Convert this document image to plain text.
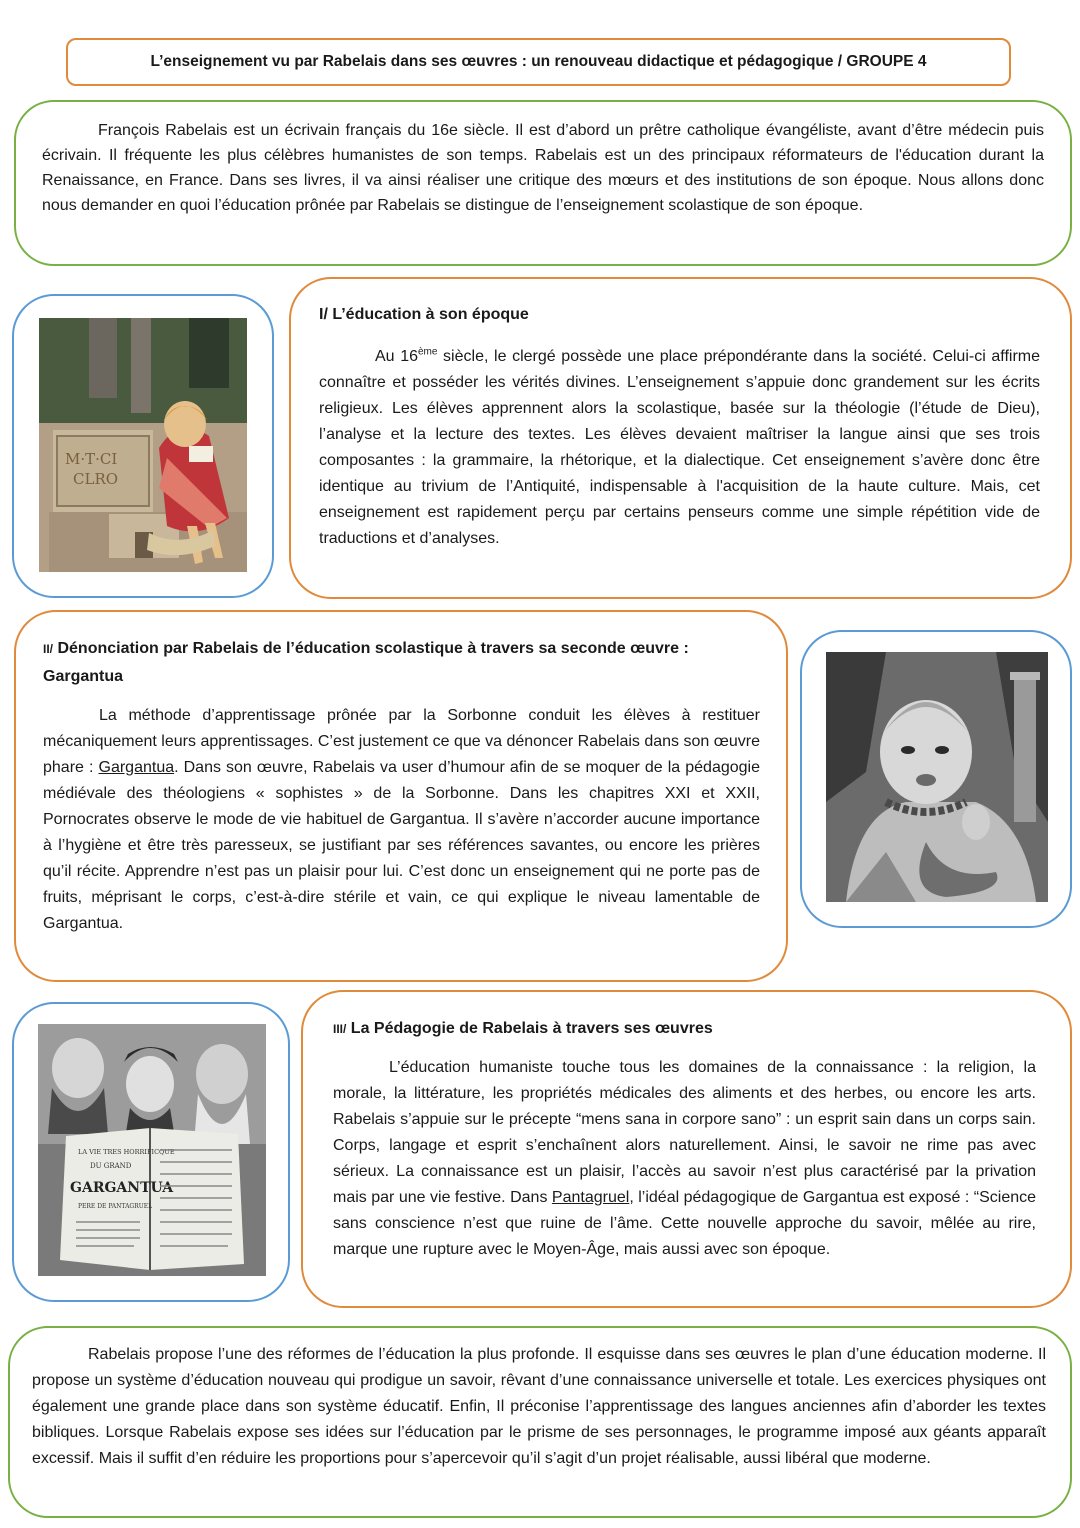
L’enseignement vu par Rabelais dans ses œuvres : un renouveau didactique et pédagogique / GROUPE 4

François Rabelais est un écrivain français du 16e siècle. Il est d’abord un prêtre catholique évangéliste, avant d’être médecin puis écrivain. Il fréquente les plus célèbres humanistes de son temps. Rabelais est un des principaux réformateurs de l'éducation durant la Renaissance, en France. Dans ses livres, il va ainsi réaliser une critique des mœurs et des institutions de son époque. Nous allons donc nous demander en quoi l’éducation prônée par Rabelais se distingue de l’enseignement scolastique de son époque.

M·T·CI
CLRO

I/ L’éducation à son époque

Au 16ème siècle, le clergé possède une place prépondérante dans la société. Celui-ci affirme connaître et posséder les vérités divines. L’enseignement s’appuie donc grandement sur les écrits religieux. Les élèves apprennent alors la scolastique, basée sur la théologie (l’étude de Dieu), l’analyse et la lecture des textes. Les élèves devaient maîtriser la langue ainsi que ses trois composantes : la grammaire, la rhétorique, et la dialectique. Cet enseignement s’avère donc être identique au trivium de l’Antiquité, indispensable à l'acquisition de la haute culture. Mais, cet enseignement est rapidement perçu par certains penseurs comme une simple répétition vide de traductions et d’analyses.

II/ Dénonciation par Rabelais de l’éducation scolastique à travers sa seconde œuvre : Gargantua

La méthode d’apprentissage prônée par la Sorbonne conduit les élèves à restituer mécaniquement leurs apprentissages. C’est justement ce que va dénoncer Rabelais dans son œuvre phare : Gargantua. Dans son œuvre, Rabelais va user d’humour afin de se moquer de la pédagogie médiévale des théologiens « sophistes » de la Sorbonne. Dans les chapitres XXI et XXII, Pornocrates observe le mode de vie habituel de Gargantua. Il s’avère n’accorder aucune importance à l’hygiène et être très paresseux, se justifiant par ses références savantes, ou encore les prières qu’il récite. Apprendre n’est pas un plaisir pour lui. C’est donc un enseignement qui ne porte pas de fruits, méprisant le corps, c’est-à-dire stérile et vain, ce qui explique le niveau lamentable de Gargantua.

LA VIE TRES HORRIFICQUE
DU GRAND
GARGANTUA
PERE DE PANTAGRUEL

III/ La Pédagogie de Rabelais à travers ses œuvres

L’éducation humaniste touche tous les domaines de la connaissance : la religion, la morale, la littérature, les propriétés médicales des aliments et des herbes, ou encore les arts. Rabelais s’appuie sur le précepte “mens sana in corpore sano” : un esprit sain dans un corps sain. Corps, langage et esprit s’enchaînent alors naturellement. Ainsi, le savoir ne rime pas avec sérieux. La connaissance est un plaisir, l’accès au savoir n’est plus caractérisé par la privation mais par une vie festive. Dans Pantagruel, l’idéal pédagogique de Gargantua est exposé : “Science sans conscience n’est que ruine de l’âme. Cette nouvelle approche du savoir, mêlée au rire, marque une rupture avec le Moyen-Âge, mais aussi avec son époque.

Rabelais propose l’une des réformes de l’éducation la plus profonde. Il esquisse dans ses œuvres le plan d’une éducation moderne. Il propose un système d’éducation nouveau qui prodigue un savoir, rêvant d’une connaissance universelle et totale. Les exercices physiques ont également une grande place dans son système éducatif. Enfin, Il préconise l’apprentissage des langues anciennes afin d’aborder les textes bibliques. Lorsque Rabelais expose ses idées sur l’éducation par le prisme de ses personnages, le programme imposé aux géants apparaît excessif. Mais il suffit d’en réduire les proportions pour s’apercevoir qu’il s’agit d’un projet réalisable, aussi libéral que moderne.
